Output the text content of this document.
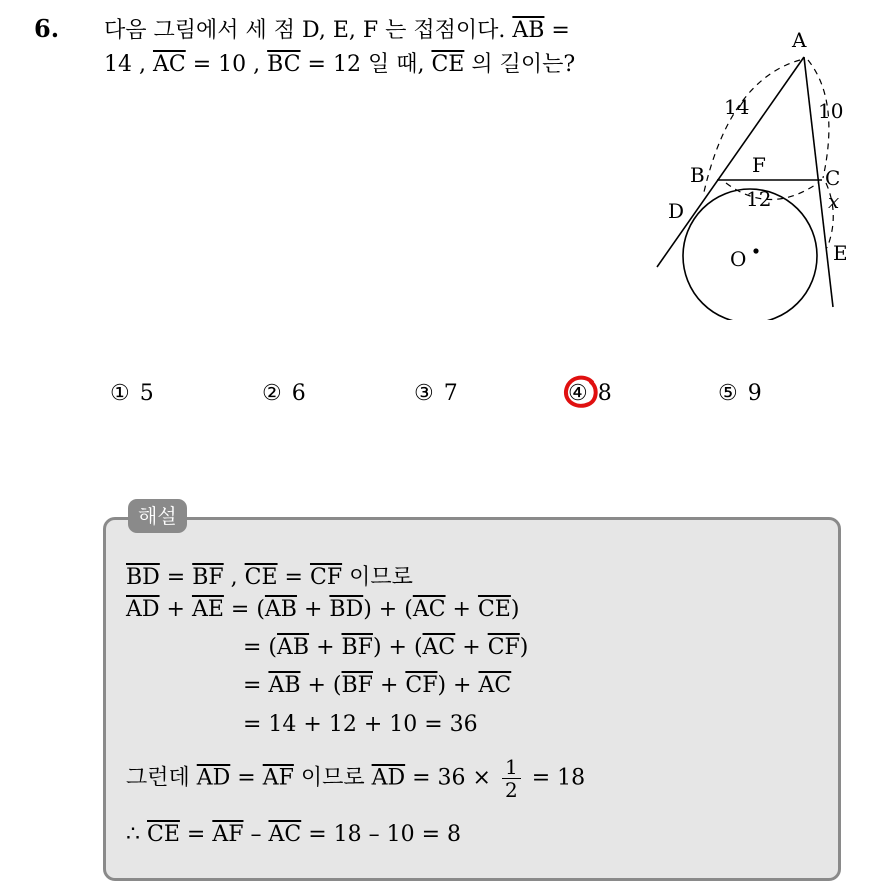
6. 다음 그림에서 세 점 D, E, F 는 접점이다. $\overline{AB}$ =
14 , $\overline{AC} = 10$ , $\overline{BC} = 12$ 일 때, $\overline{CE}$ 의 길이는?
A
B	C
D
E
F
O
14	10
12	x
① 5	② 6	③ 7	④ 8	⑤ 9
$\overline{BD} = \overline{BF}$ , $\overline{CE} = \overline{CF}$ 이므로
$\overline{AD} + \overline{AE} = (\overline{AB} + \overline{BD}) + (\overline{AC} + \overline{CE})$
= $(\overline{AB} + \overline{BF}) + (\overline{AC} + \overline{CF})$
= $\overline{AB} + (\overline{BF} + \overline{CF}) + \overline{AC}$
= 14 + 12 + 10 = 36
그런데 $\overline{AD} = \overline{AF}$ 이므로 $\overline{AD} = 36 \times \frac{1}{2} = 18$
∴ $\overline{CE} = \overline{AF} - \overline{AC} = 18 - 10 = 8$
해설
